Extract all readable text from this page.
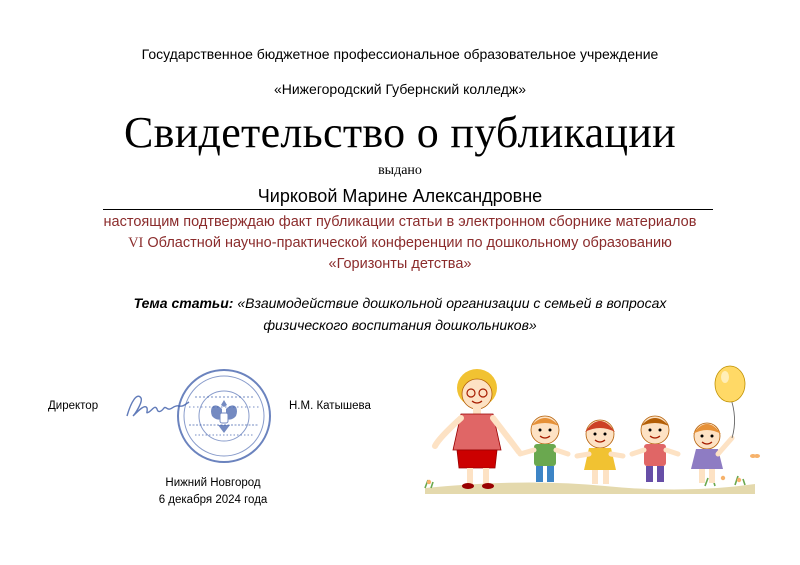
Государственное бюджетное профессиональное образовательное учреждение
«Нижегородский Губернский колледж»
Свидетельство о публикации
выдано
Чирковой Марине Александровне
настоящим подтверждаю факт публикации статьи в электронном сборнике материалов
VI Областной научно-практической конференции по дошкольному образованию
«Горизонты детства»
Тема статьи: «Взаимодействие дошкольной организации с семьей в вопросах
физического воспитания дошкольников»
Директор	Н.М. Катышева
Нижний Новгород
6 декабря 2024 года
